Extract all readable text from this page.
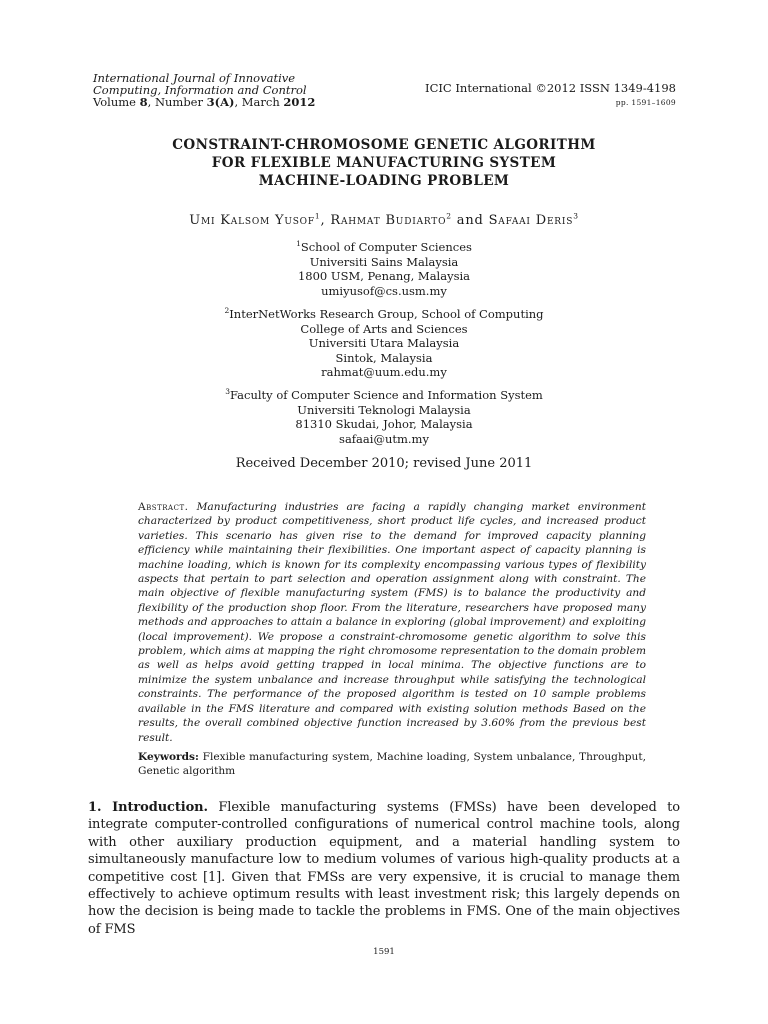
International Journal of Innovative
Computing, Information and Control
Volume 8, Number 3(A), March 2012
ICIC International ©2012 ISSN 1349-4198
pp. 1591–1609
CONSTRAINT-CHROMOSOME GENETIC ALGORITHM
FOR FLEXIBLE MANUFACTURING SYSTEM
MACHINE-LOADING PROBLEM
Umi Kalsom Yusof$^1$, Rahmat Budiarto$^2$ and Safaai Deris$^3$
$^1$School of Computer Sciences
Universiti Sains Malaysia
1800 USM, Penang, Malaysia
umiyusof@cs.usm.my
$^2$InterNetWorks Research Group, School of Computing
College of Arts and Sciences
Universiti Utara Malaysia
Sintok, Malaysia
rahmat@uum.edu.my
$^3$Faculty of Computer Science and Information System
Universiti Teknologi Malaysia
81310 Skudai, Johor, Malaysia
safaai@utm.my
Received December 2010; revised June 2011
Abstract. Manufacturing industries are facing a rapidly changing market environment characterized by product competitiveness, short product life cycles, and increased product varieties. This scenario has given rise to the demand for improved capacity planning efficiency while maintaining their flexibilities. One important aspect of capacity planning is machine loading, which is known for its complexity encompassing various types of flexibility aspects that pertain to part selection and operation assignment along with constraint. The main objective of flexible manufacturing system (FMS) is to balance the productivity and flexibility of the production shop floor. From the literature, researchers have proposed many methods and approaches to attain a balance in exploring (global improvement) and exploiting (local improvement). We propose a constraint-chromosome genetic algorithm to solve this problem, which aims at mapping the right chromosome representation to the domain problem as well as helps avoid getting trapped in local minima. The objective functions are to minimize the system unbalance and increase throughput while satisfying the technological constraints. The performance of the proposed algorithm is tested on 10 sample problems available in the FMS literature and compared with existing solution methods Based on the results, the overall combined objective function increased by 3.60% from the previous best result.
Keywords: Flexible manufacturing system, Machine loading, System unbalance, Throughput, Genetic algorithm
1. Introduction. Flexible manufacturing systems (FMSs) have been developed to integrate computer-controlled configurations of numerical control machine tools, along with other auxiliary production equipment, and a material handling system to simultaneously manufacture low to medium volumes of various high-quality products at a competitive cost [1]. Given that FMSs are very expensive, it is crucial to manage them effectively to achieve optimum results with least investment risk; this largely depends on how the decision is being made to tackle the problems in FMS. One of the main objectives of FMS
1591
